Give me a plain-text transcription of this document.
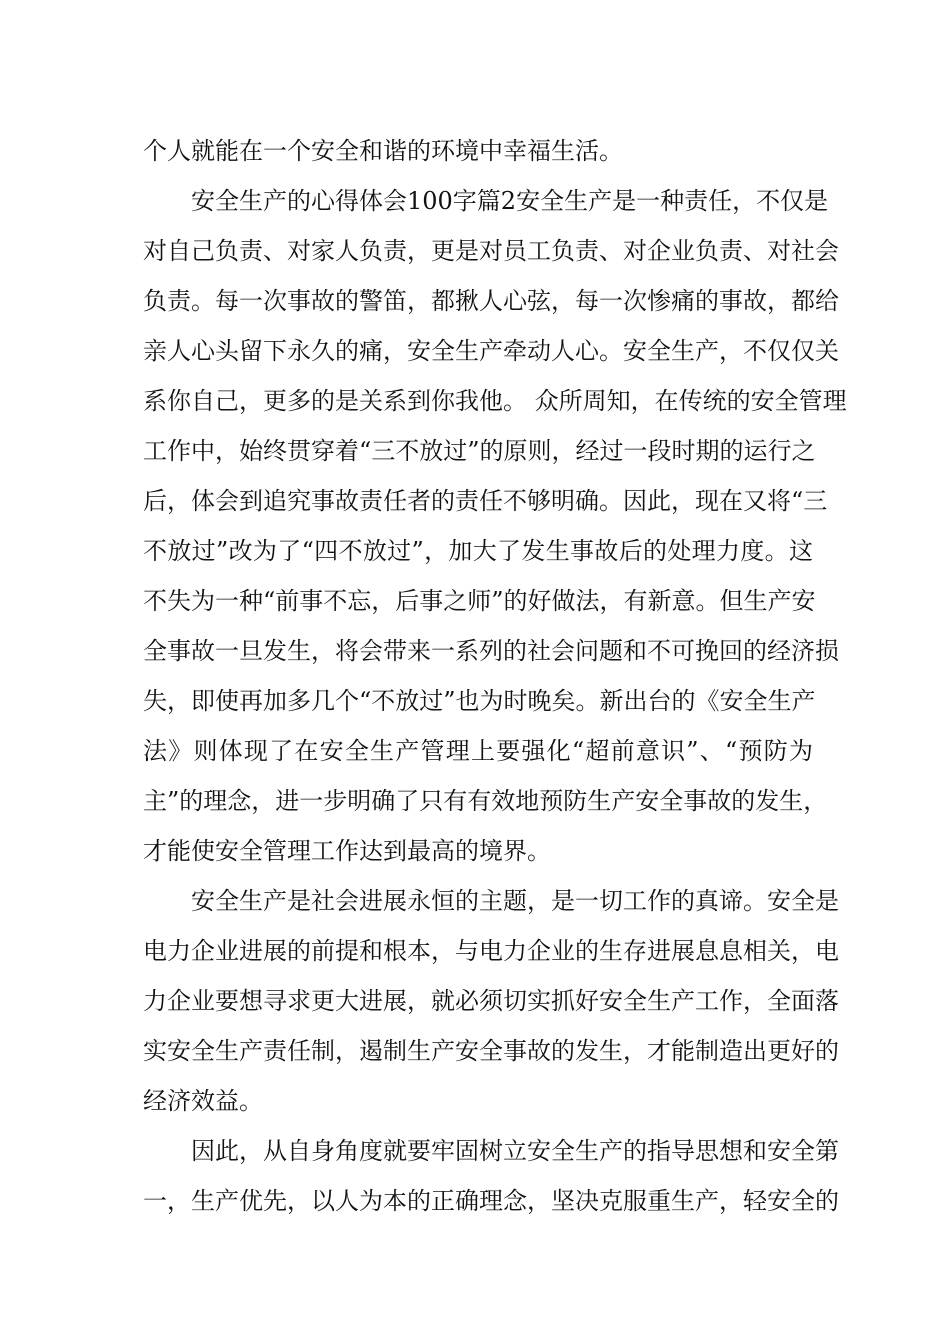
个人就能在一个安全和谐的环境中幸福生活。
安全生产的心得体会100字篇2安全生产是一种责任，不仅是
对自己负责、对家人负责，更是对员工负责、对企业负责、对社会
负责。每一次事故的警笛，都揪人心弦，每一次惨痛的事故，都给
亲人心头留下永久的痛，安全生产牵动人心。安全生产，不仅仅关
系你自己，更多的是关系到你我他。 众所周知，在传统的安全管理
工作中，始终贯穿着“三不放过”的原则，经过一段时期的运行之
后，体会到追究事故责任者的责任不够明确。因此，现在又将“三
不放过”改为了“四不放过”，加大了发生事故后的处理力度。这
不失为一种“前事不忘，后事之师”的好做法，有新意。但生产安
全事故一旦发生，将会带来一系列的社会问题和不可挽回的经济损
失，即使再加多几个“不放过”也为时晚矣。新出台的《安全生产
法》则体现了在安全生产管理上要强化“超前意识”、“预防为
主”的理念，进一步明确了只有有效地预防生产安全事故的发生，
才能使安全管理工作达到最高的境界。
安全生产是社会进展永恒的主题，是一切工作的真谛。安全是
电力企业进展的前提和根本，与电力企业的生存进展息息相关，电
力企业要想寻求更大进展，就必须切实抓好安全生产工作，全面落
实安全生产责任制，遏制生产安全事故的发生，才能制造出更好的
经济效益。
因此，从自身角度就要牢固树立安全生产的指导思想和安全第
一，生产优先，以人为本的正确理念，坚决克服重生产，轻安全的
